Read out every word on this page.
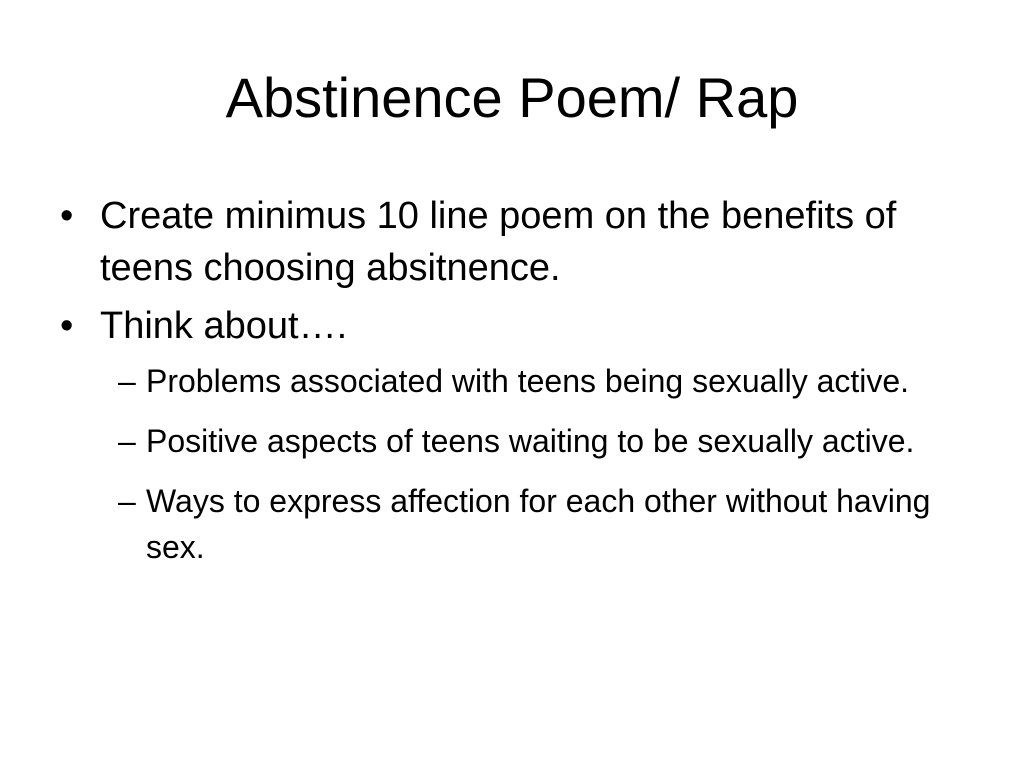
Abstinence Poem/ Rap
• Create minimus 10 line poem on the benefits of teens choosing absitnence.
• Think about….
– Problems associated with teens being sexually active.
– Positive aspects of teens waiting to be sexually active.
– Ways to express affection for each other without having sex.
